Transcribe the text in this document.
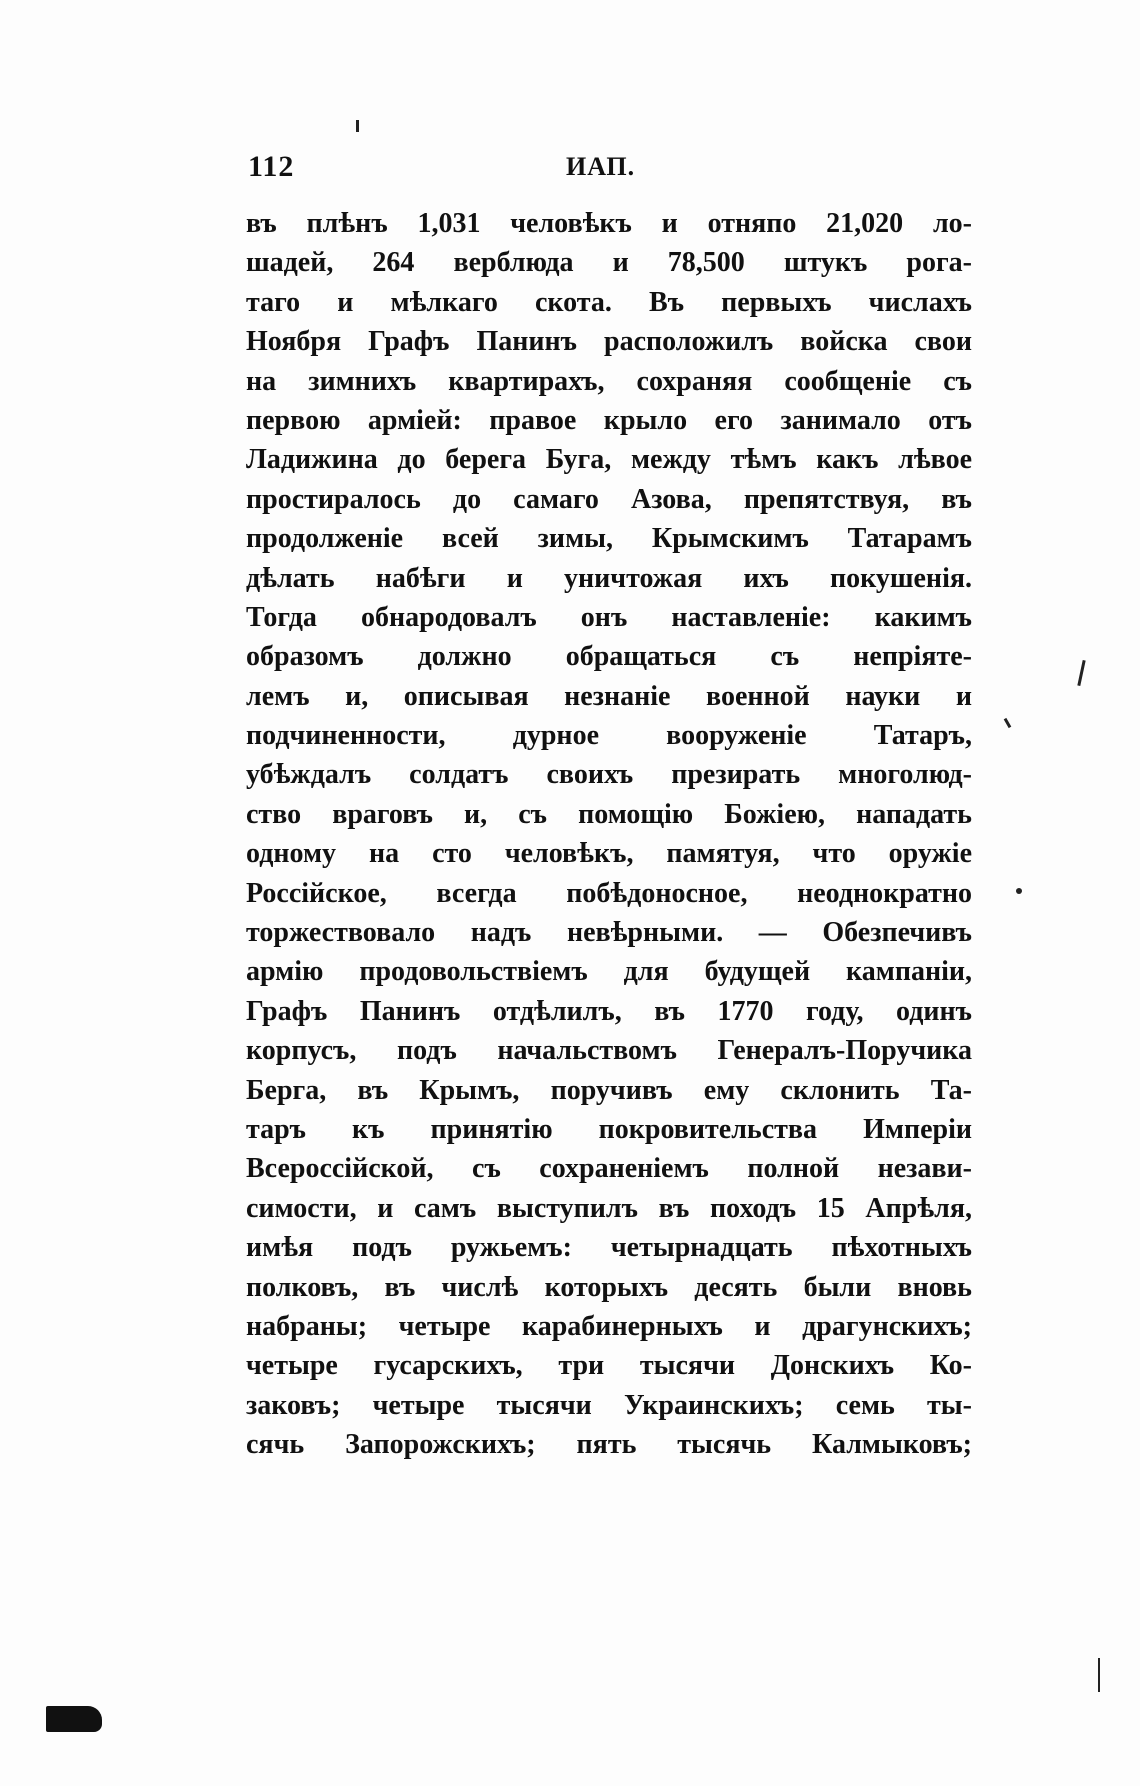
112	ИАП.
въ плѣнъ 1,031 человѣкъ и отняпо 21,020 ло-
шадей, 264 верблюда и 78,500 штукъ рога-
таго и мѣлкаго скота. Въ первыхъ числахъ
Ноября Графъ Панинъ расположилъ войска свои
на зимнихъ квартирахъ, сохраняя сообщеніе съ
первою арміей: правое крыло его занимало отъ
Ладижина до берега Буга, между тѣмъ какъ лѣвое
простиралось до самаго Азова, препятствуя, въ
продолженіе всей зимы, Крымскимъ Татарамъ
дѣлать набѣги и уничтожая ихъ покушенія.
Тогда обнародовалъ онъ наставленіе: какимъ
образомъ должно обращаться съ непріяте-
лемъ и, описывая незнаніе военной науки и
подчиненности, дурное вооруженіе Татаръ,
убѣждалъ солдатъ своихъ презирать многолюд-
ство враговъ и, съ помощію Божіею, нападать
одному на сто человѣкъ, памятуя, что оружіе
Россійское, всегда побѣдоносное, неоднократно
торжествовало надъ невѣрными. — Обезпечивъ
армію продовольствіемъ для будущей кампаніи,
Графъ Панинъ отдѣлилъ, въ 1770 году, одинъ
корпусъ, подъ начальствомъ Генералъ-Поручика
Берга, въ Крымъ, поручивъ ему склонить Та-
таръ къ принятію покровительства Имперіи
Всероссійской, съ сохраненіемъ полной незави-
симости, и самъ выступилъ въ походъ 15 Апрѣля,
имѣя подъ ружьемъ: четырнадцать пѣхотныхъ
полковъ, въ числѣ которыхъ десять были вновь
набраны; четыре карабинерныхъ и драгунскихъ;
четыре гусарскихъ, три тысячи Донскихъ Ко-
заковъ; четыре тысячи Украинскихъ; семь ты-
сячь Запорожскихъ; пять тысячь Калмыковъ;
